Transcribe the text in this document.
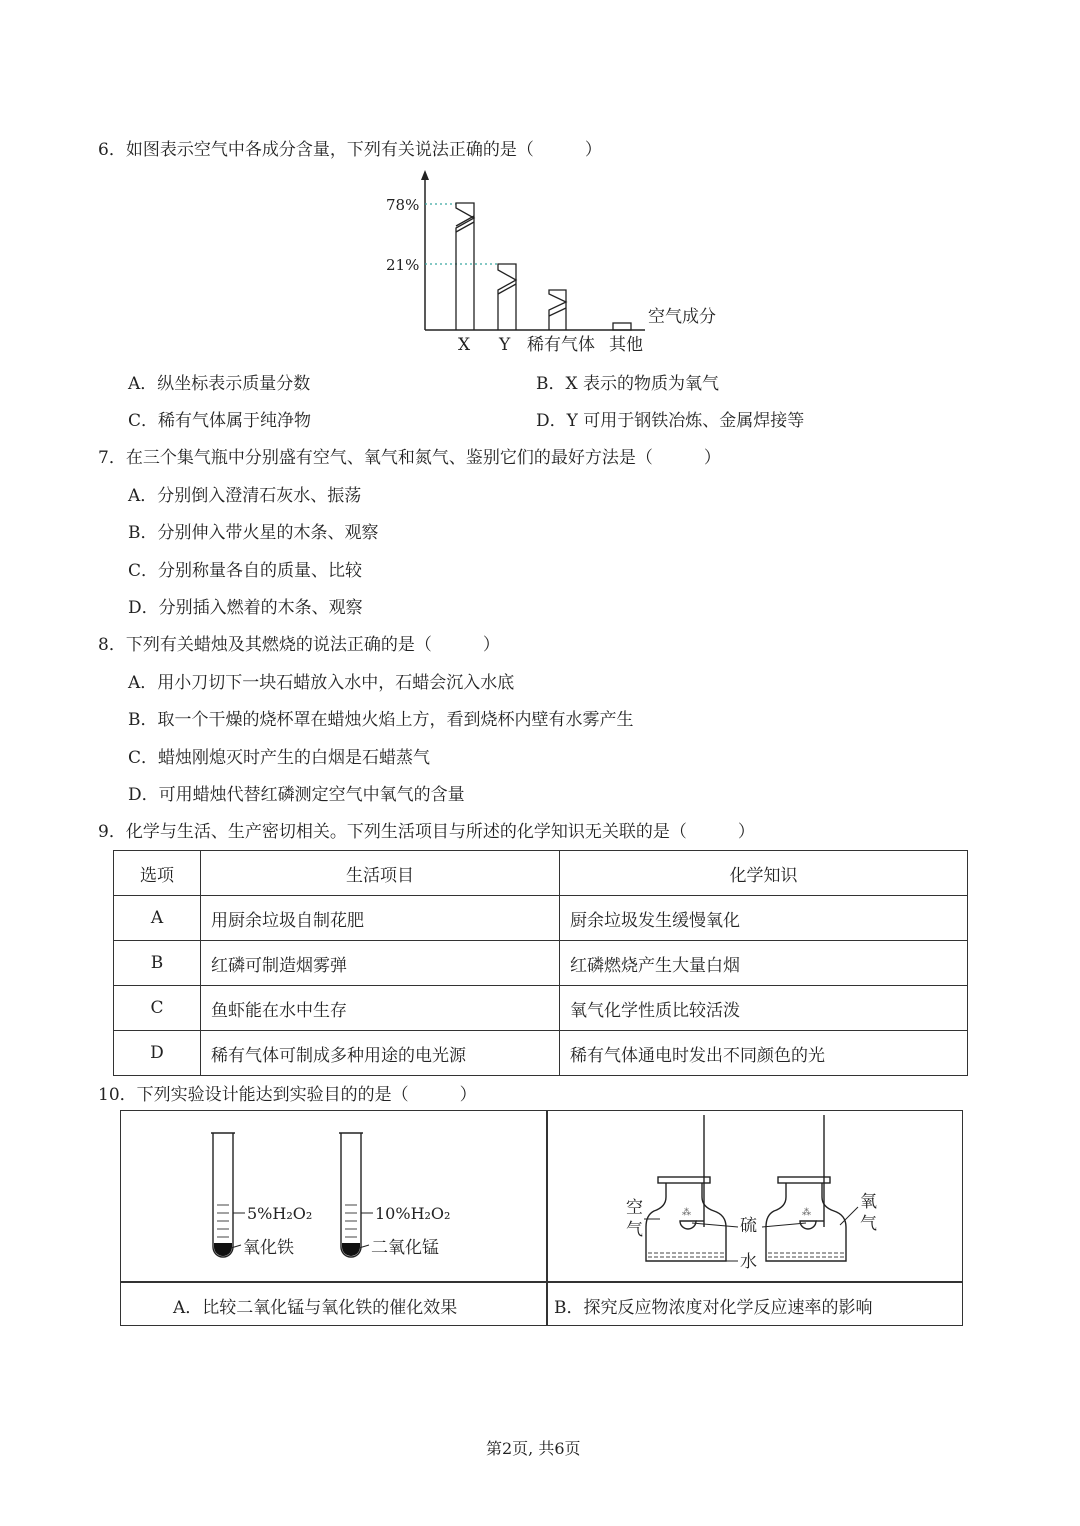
6．如图表示空气中各成分含量，下列有关说法正确的是（　　　）
78%
21%
X Y 稀有气体 其他
空气成分
A．纵坐标表示质量分数	B．X 表示的物质为氧气
C．稀有气体属于纯净物	D．Y 可用于钢铁冶炼、金属焊接等
7．在三个集气瓶中分别盛有空气、氧气和氮气、鉴别它们的最好方法是（　　　）
A．分别倒入澄清石灰水、振荡
B．分别伸入带火星的木条、观察
C．分别称量各自的质量、比较
D．分别插入燃着的木条、观察
8．下列有关蜡烛及其燃烧的说法正确的是（　　　）
A．用小刀切下一块石蜡放入水中，石蜡会沉入水底
B．取一个干燥的烧杯罩在蜡烛火焰上方，看到烧杯内壁有水雾产生
C．蜡烛刚熄灭时产生的白烟是石蜡蒸气
D．可用蜡烛代替红磷测定空气中氧气的含量
9．化学与生活、生产密切相关。下列生活项目与所述的化学知识无关联的是（　　　）
选项	生活项目	化学知识
A	用厨余垃圾自制花肥	厨余垃圾发生缓慢氧化
B	红磷可制造烟雾弹	红磷燃烧产生大量白烟
C	鱼虾能在水中生存	氧气化学性质比较活泼
D	稀有气体可制成多种用途的电光源	稀有气体通电时发出不同颜色的光
10．下列实验设计能达到实验目的的是（　　　）
5%H₂O₂
氧化铁
10%H₂O₂
二氧化锰
⁂	⁂
空
气	硫
水
氧
气
A．比较二氧化锰与氧化铁的催化效果	B．探究反应物浓度对化学反应速率的影响
第2页, 共6页
